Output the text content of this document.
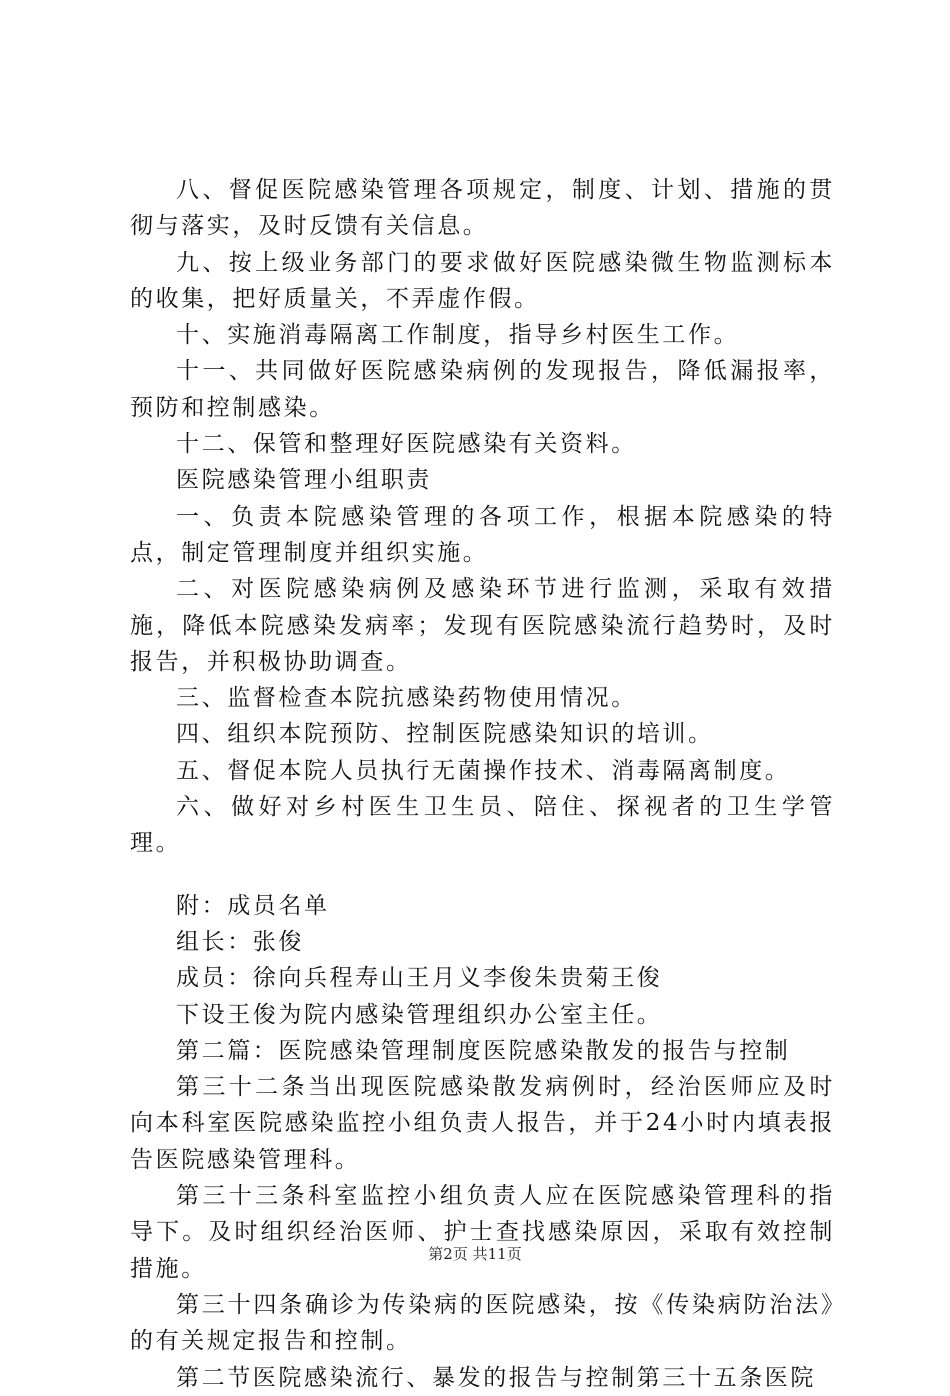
八、督促医院感染管理各项规定，制度、计划、措施的贯彻与落实，及时反馈有关信息。

九、按上级业务部门的要求做好医院感染微生物监测标本的收集，把好质量关，不弄虚作假。

十、实施消毒隔离工作制度，指导乡村医生工作。

十一、共同做好医院感染病例的发现报告，降低漏报率，预防和控制感染。

十二、保管和整理好医院感染有关资料。

医院感染管理小组职责

一、负责本院感染管理的各项工作，根据本院感染的特点，制定管理制度并组织实施。

二、对医院感染病例及感染环节进行监测，采取有效措施，降低本院感染发病率；发现有医院感染流行趋势时，及时报告，并积极协助调查。

三、监督检查本院抗感染药物使用情况。

四、组织本院预防、控制医院感染知识的培训。

五、督促本院人员执行无菌操作技术、消毒隔离制度。

六、做好对乡村医生卫生员、陪住、探视者的卫生学管理。

附：成员名单

组长：张俊

成员：徐向兵程寿山王月义李俊朱贵菊王俊

下设王俊为院内感染管理组织办公室主任。

第二篇：医院感染管理制度医院感染散发的报告与控制

第三十二条当出现医院感染散发病例时，经治医师应及时向本科室医院感染监控小组负责人报告，并于24小时内填表报告医院感染管理科。

第三十三条科室监控小组负责人应在医院感染管理科的指导下。及时组织经治医师、护士查找感染原因，采取有效控制措施。

第三十四条确诊为传染病的医院感染，按《传染病防治法》的有关规定报告和控制。

第二节医院感染流行、暴发的报告与控制第三十五条医院

第2页 共11页
